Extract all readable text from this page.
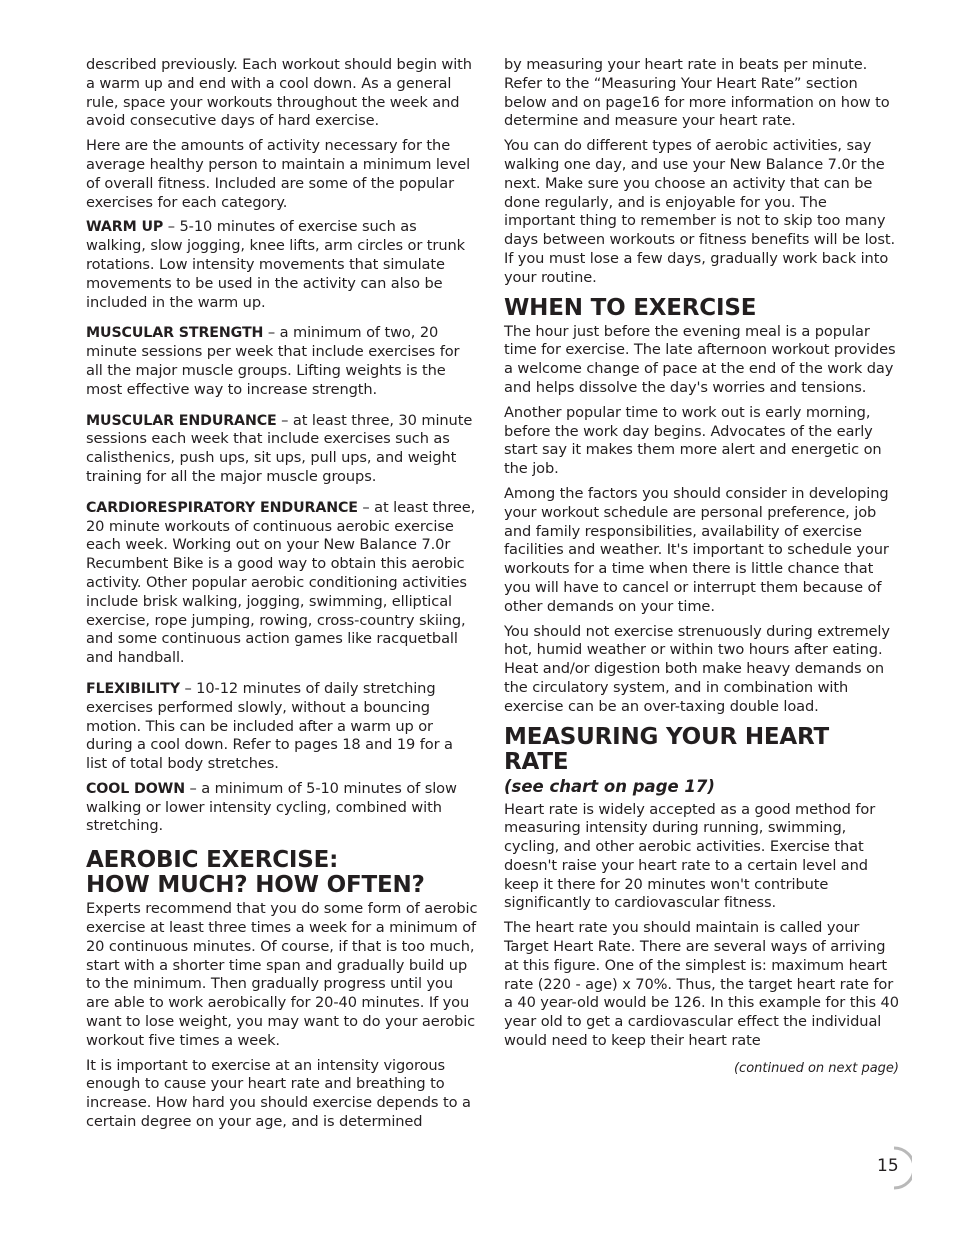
described previously. Each workout should begin with a warm up and end with a cool down. As a general rule, space your workouts throughout the week and avoid consecutive days of hard exercise.

Here are the amounts of activity necessary for the average healthy person to maintain a minimum level of overall fitness. Included are some of the popular exercises for each category.

WARM UP – 5-10 minutes of exercise such as walking, slow jogging, knee lifts, arm circles or trunk rotations. Low intensity movements that simulate movements to be used in the activity can also be included in the warm up.

MUSCULAR STRENGTH – a minimum of two, 20 minute sessions per week that include exercises for all the major muscle groups. Lifting weights is the most effective way to increase strength.

MUSCULAR ENDURANCE – at least three, 30 minute sessions each week that include exercises such as calisthenics, push ups, sit ups, pull ups, and weight training for all the major muscle groups.

CARDIORESPIRATORY ENDURANCE – at least three, 20 minute workouts of continuous aerobic exercise each week. Working out on your New Balance 7.0r Recumbent Bike is a good way to obtain this aerobic activity. Other popular aerobic conditioning activities include brisk walking, jogging, swimming, elliptical exercise, rope jumping, rowing, cross-country skiing, and some continuous action games like racquetball and handball.

FLEXIBILITY – 10-12 minutes of daily stretching exercises performed slowly, without a bouncing motion. This can be included after a warm up or during a cool down. Refer to pages 18 and 19 for a list of total body stretches.

COOL DOWN – a minimum of 5-10 minutes of slow walking or lower intensity cycling, combined with stretching.

AEROBIC EXERCISE:
HOW MUCH? HOW OFTEN?

Experts recommend that you do some form of aerobic exercise at least three times a week for a minimum of 20 continuous minutes. Of course, if that is too much, start with a shorter time span and gradually build up to the minimum. Then gradually progress until you are able to work aerobically for 20-40 minutes. If you want to lose weight, you may want to do your aerobic workout five times a week.

It is important to exercise at an intensity vigorous enough to cause your heart rate and breathing to increase. How hard you should exercise depends to a certain degree on your age, and is determined

by measuring your heart rate in beats per minute. Refer to the “Measuring Your Heart Rate” section below and on page16 for more information on how to determine and measure your heart rate.

You can do different types of aerobic activities, say walking one day, and use your New Balance 7.0r the next. Make sure you choose an activity that can be done regularly, and is enjoyable for you. The important thing to remember is not to skip too many days between workouts or fitness benefits will be lost. If you must lose a few days, gradually work back into your routine.

WHEN TO EXERCISE

The hour just before the evening meal is a popular time for exercise. The late afternoon workout provides a welcome change of pace at the end of the work day and helps dissolve the day's worries and tensions.

Another popular time to work out is early morning, before the work day begins. Advocates of the early start say it makes them more alert and energetic on the job.

Among the factors you should consider in developing your workout schedule are personal preference, job and family responsibilities, availability of exercise facilities and weather. It's important to schedule your workouts for a time when there is little chance that you will have to cancel or interrupt them because of other demands on your time.

You should not exercise strenuously during extremely hot, humid weather or within two hours after eating. Heat and/or digestion both make heavy demands on the circulatory system, and in combination with exercise can be an over-taxing double load.

MEASURING YOUR HEART RATE
(see chart on page 17)

Heart rate is widely accepted as a good method for measuring intensity during running, swimming, cycling, and other aerobic activities. Exercise that doesn't raise your heart rate to a certain level and keep it there for 20 minutes won't contribute significantly to cardiovascular fitness.

The heart rate you should maintain is called your Target Heart Rate. There are several ways of arriving at this figure. One of the simplest is: maximum heart rate (220 - age) x 70%. Thus, the target heart rate for a 40 year-old would be 126. In this example for this 40 year old to get a cardiovascular effect the individual would need to keep their heart rate

(continued on next page)
15
